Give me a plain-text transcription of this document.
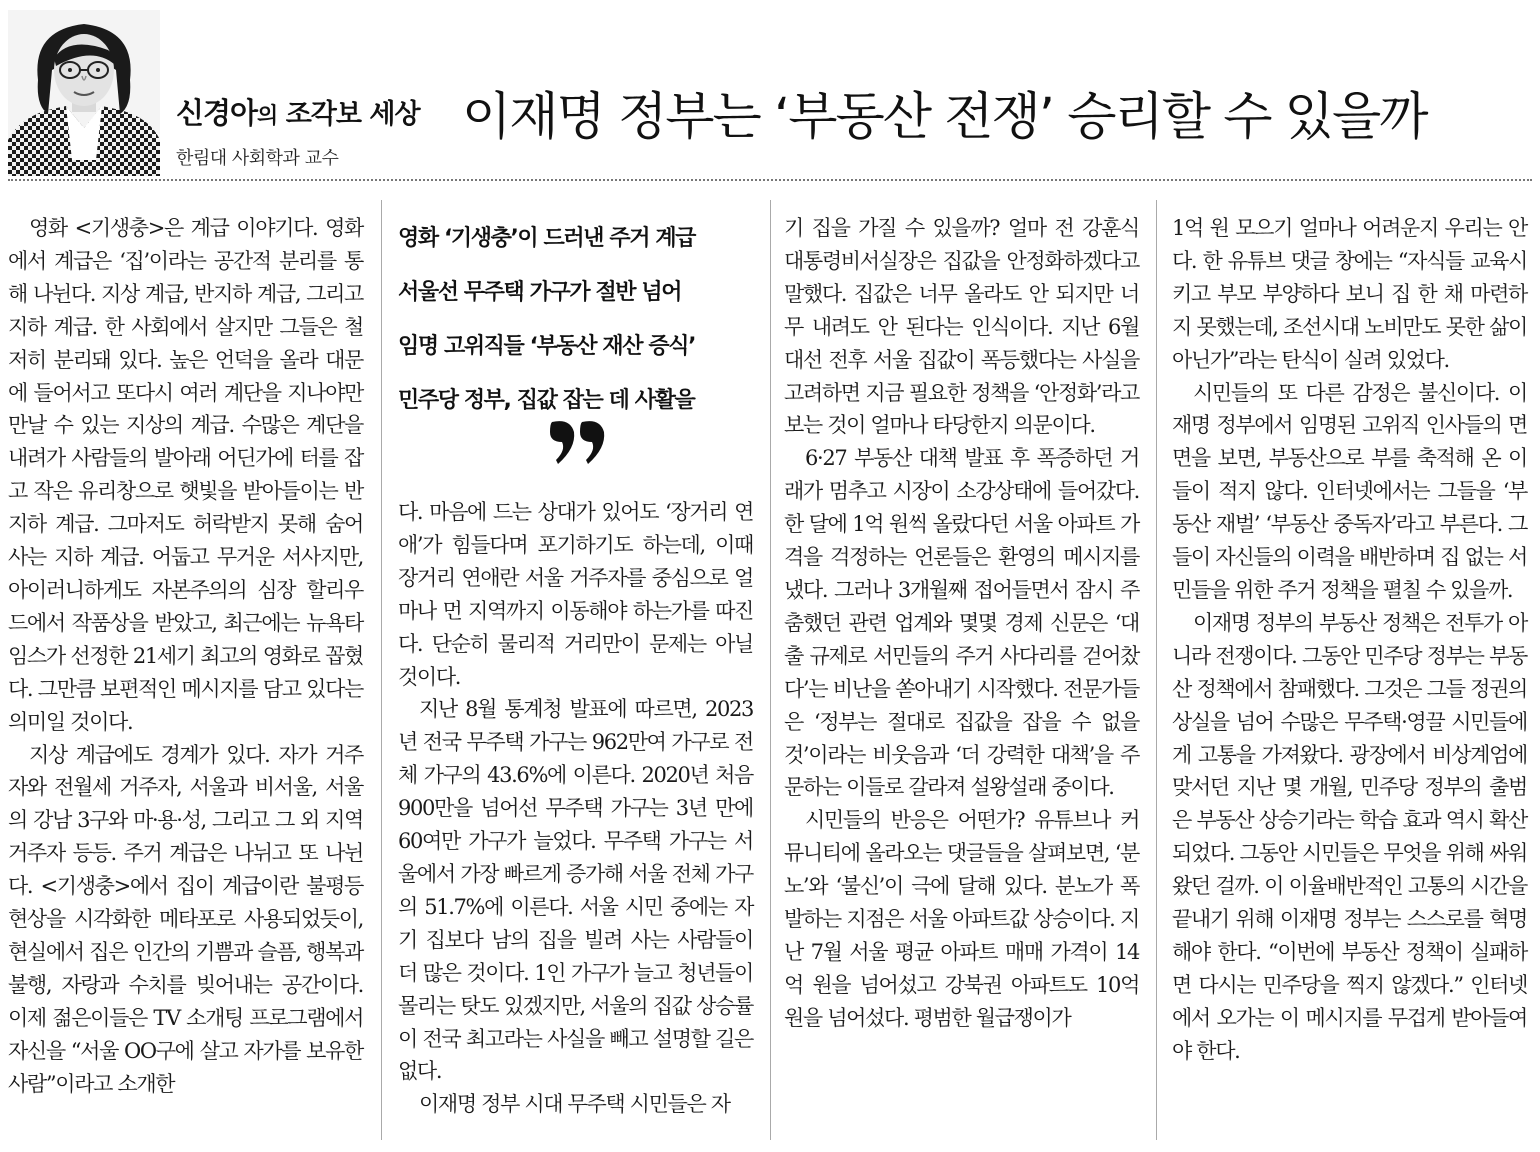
신경아의 조각보 세상
한림대 사회학과 교수
이재명 정부는 ‘부동산 전쟁’ 승리할 수 있을까

영화 <기생충>은 계급 이야기다. 영화에서 계급은 ‘집’이라는 공간적 분리를 통해 나뉜다. 지상 계급, 반지하 계급, 그리고 지하 계급. 한 사회에서 살지만 그들은 철저히 분리돼 있다. 높은 언덕을 올라 대문에 들어서고 또다시 여러 계단을 지나야만 만날 수 있는 지상의 계급. 수많은 계단을 내려가 사람들의 발아래 어딘가에 터를 잡고 작은 유리창으로 햇빛을 받아들이는 반지하 계급. 그마저도 허락받지 못해 숨어 사는 지하 계급. 어둡고 무거운 서사지만, 아이러니하게도 자본주의의 심장 할리우드에서 작품상을 받았고, 최근에는 뉴욕타임스가 선정한 21세기 최고의 영화로 꼽혔다. 그만큼 보편적인 메시지를 담고 있다는 의미일 것이다.

지상 계급에도 경계가 있다. 자가 거주자와 전월세 거주자, 서울과 비서울, 서울의 강남 3구와 마·용·성, 그리고 그 외 지역 거주자 등등. 주거 계급은 나뉘고 또 나뉜다. <기생충>에서 집이 계급이란 불평등 현상을 시각화한 메타포로 사용되었듯이, 현실에서 집은 인간의 기쁨과 슬픔, 행복과 불행, 자랑과 수치를 빚어내는 공간이다. 이제 젊은이들은 TV 소개팅 프로그램에서 자신을 “서울 OO구에 살고 자가를 보유한 사람”이라고 소개한

영화 ‘기생충’이 드러낸 주거 계급
서울선 무주택 가구가 절반 넘어
임명 고위직들 ‘부동산 재산 증식’
민주당 정부, 집값 잡는 데 사활을

다. 마음에 드는 상대가 있어도 ‘장거리 연애’가 힘들다며 포기하기도 하는데, 이때 장거리 연애란 서울 거주자를 중심으로 얼마나 먼 지역까지 이동해야 하는가를 따진다. 단순히 물리적 거리만이 문제는 아닐 것이다.

지난 8월 통계청 발표에 따르면, 2023년 전국 무주택 가구는 962만여 가구로 전체 가구의 43.6%에 이른다. 2020년 처음 900만을 넘어선 무주택 가구는 3년 만에 60여만 가구가 늘었다. 무주택 가구는 서울에서 가장 빠르게 증가해 서울 전체 가구의 51.7%에 이른다. 서울 시민 중에는 자기 집보다 남의 집을 빌려 사는 사람들이 더 많은 것이다. 1인 가구가 늘고 청년들이 몰리는 탓도 있겠지만, 서울의 집값 상승률이 전국 최고라는 사실을 빼고 설명할 길은 없다.

이재명 정부 시대 무주택 시민들은 자

기 집을 가질 수 있을까? 얼마 전 강훈식 대통령비서실장은 집값을 안정화하겠다고 말했다. 집값은 너무 올라도 안 되지만 너무 내려도 안 된다는 인식이다. 지난 6월 대선 전후 서울 집값이 폭등했다는 사실을 고려하면 지금 필요한 정책을 ‘안정화’라고 보는 것이 얼마나 타당한지 의문이다.

6·27 부동산 대책 발표 후 폭증하던 거래가 멈추고 시장이 소강상태에 들어갔다. 한 달에 1억 원씩 올랐다던 서울 아파트 가격을 걱정하는 언론들은 환영의 메시지를 냈다. 그러나 3개월째 접어들면서 잠시 주춤했던 관련 업계와 몇몇 경제 신문은 ‘대출 규제로 서민들의 주거 사다리를 걷어찼다’는 비난을 쏟아내기 시작했다. 전문가들은 ‘정부는 절대로 집값을 잡을 수 없을 것’이라는 비웃음과 ‘더 강력한 대책’을 주문하는 이들로 갈라져 설왕설래 중이다.

시민들의 반응은 어떤가? 유튜브나 커뮤니티에 올라오는 댓글들을 살펴보면, ‘분노’와 ‘불신’이 극에 달해 있다. 분노가 폭발하는 지점은 서울 아파트값 상승이다. 지난 7월 서울 평균 아파트 매매 가격이 14억 원을 넘어섰고 강북권 아파트도 10억 원을 넘어섰다. 평범한 월급쟁이가

1억 원 모으기 얼마나 어려운지 우리는 안다. 한 유튜브 댓글 창에는 “자식들 교육시키고 부모 부양하다 보니 집 한 채 마련하지 못했는데, 조선시대 노비만도 못한 삶이 아닌가”라는 탄식이 실려 있었다.

시민들의 또 다른 감정은 불신이다. 이재명 정부에서 임명된 고위직 인사들의 면면을 보면, 부동산으로 부를 축적해 온 이들이 적지 않다. 인터넷에서는 그들을 ‘부동산 재벌’ ‘부동산 중독자’라고 부른다. 그들이 자신들의 이력을 배반하며 집 없는 서민들을 위한 주거 정책을 펼칠 수 있을까.

이재명 정부의 부동산 정책은 전투가 아니라 전쟁이다. 그동안 민주당 정부는 부동산 정책에서 참패했다. 그것은 그들 정권의 상실을 넘어 수많은 무주택·영끌 시민들에게 고통을 가져왔다. 광장에서 비상계엄에 맞서던 지난 몇 개월, 민주당 정부의 출범은 부동산 상승기라는 학습 효과 역시 확산되었다. 그동안 시민들은 무엇을 위해 싸워 왔던 걸까. 이 이율배반적인 고통의 시간을 끝내기 위해 이재명 정부는 스스로를 혁명해야 한다. “이번에 부동산 정책이 실패하면 다시는 민주당을 찍지 않겠다.” 인터넷에서 오가는 이 메시지를 무겁게 받아들여야 한다.
